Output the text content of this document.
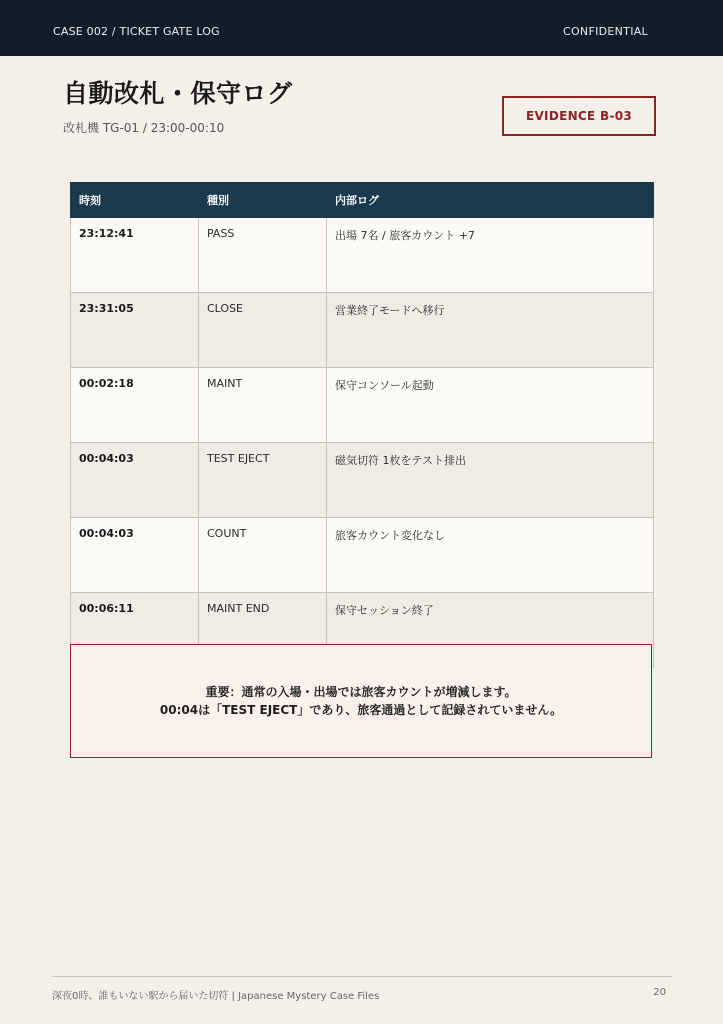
CASE 002 / TICKET GATE LOG	CONFIDENTIAL
自動改札・保守ログ
改札機 TG-01 / 23:00-00:10
EVIDENCE B-03
時刻	種別	内部ログ
23:12:41	PASS	出場 7名 / 旅客カウント +7
23:31:05	CLOSE	営業終了モードへ移行
00:02:18	MAINT	保守コンソール起動
00:04:03	TEST EJECT	磁気切符 1枚をテスト排出
00:04:03	COUNT	旅客カウント変化なし
00:06:11	MAINT END	保守セッション終了
重要：通常の入場・出場では旅客カウントが増減します。
00:04は「TEST EJECT」であり、旅客通過として記録されていません。
深夜0時、誰もいない駅から届いた切符 | Japanese Mystery Case Files	20
